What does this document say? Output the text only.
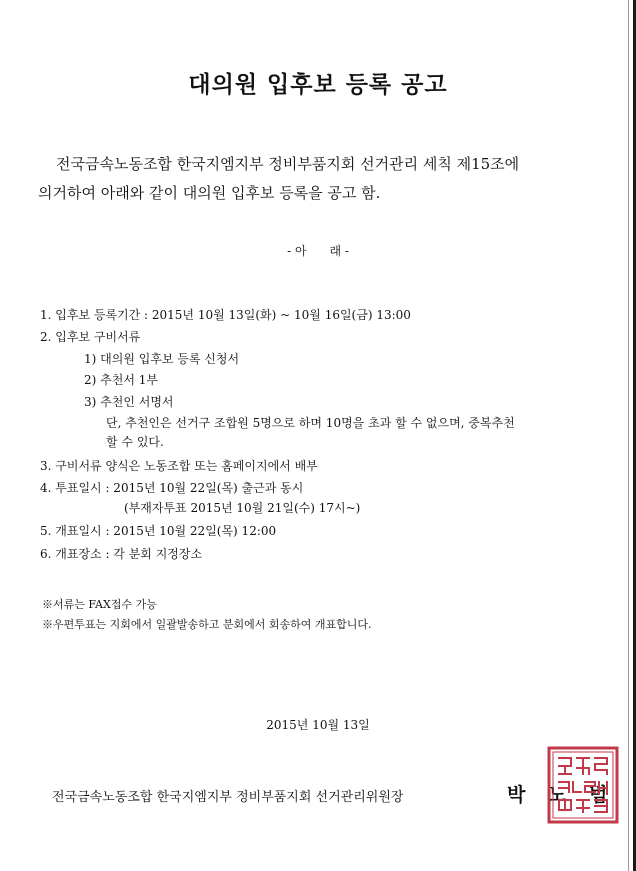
대의원 입후보 등록 공고
전국금속노동조합 한국지엠지부 정비부품지회 선거관리 세칙 제15조에
의거하여 아래와 같이 대의원 입후보 등록을 공고 함.
- 아      래 -
1. 입후보 등록기간 : 2015년 10월 13일(화) ~ 10월 16일(금) 13:00
2. 입후보 구비서류
1) 대의원 입후보 등록 신청서
2) 추천서 1부
3) 추천인 서명서
단, 추천인은 선거구 조합원 5명으로 하며 10명을 초과 할 수 없으며, 중복추천
할 수 있다.
3. 구비서류 양식은 노동조합 또는 홈페이지에서 배부
4. 투표일시 : 2015년 10월 22일(목) 출근과 동시
(부재자투표 2015년 10월 21일(수) 17시~)
5. 개표일시 : 2015년 10월 22일(목) 12:00
6. 개표장소 : 각 분회 지정장소
※서류는 FAX접수 가능
※우편투표는 지회에서 일괄발송하고 분회에서 회송하여 개표합니다.
2015년 10월 13일
전국금속노동조합 한국지엠지부 정비부품지회 선거관리위원장	박 노 범
